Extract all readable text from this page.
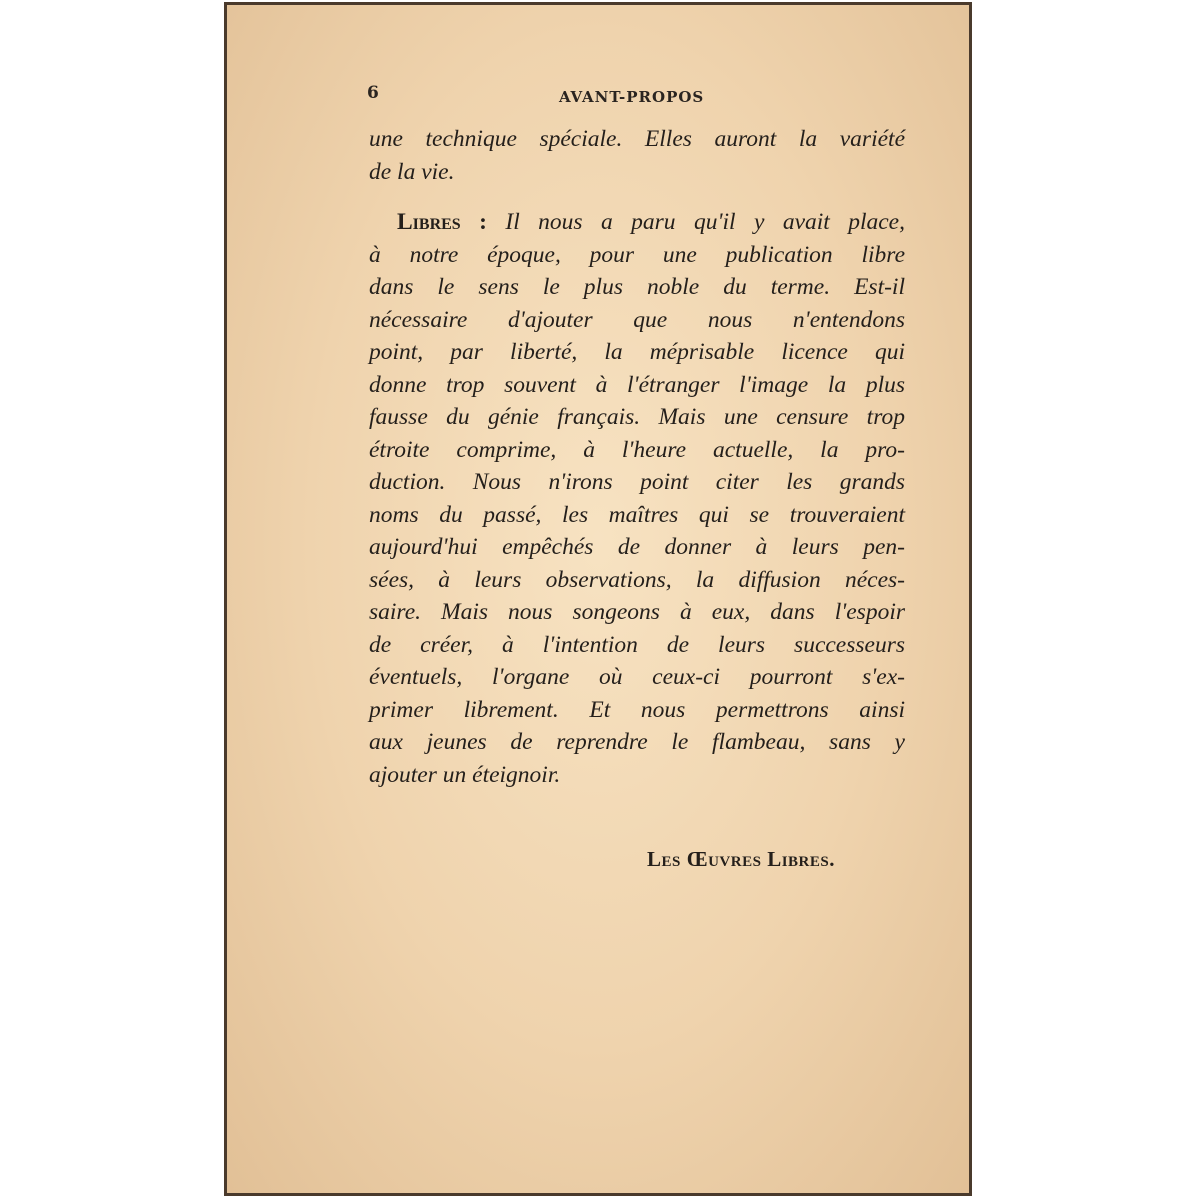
6	AVANT-PROPOS
une technique spéciale. Elles auront la variété
de la vie.
Libres : Il nous a paru qu'il y avait place,
à notre époque, pour une publication libre
dans le sens le plus noble du terme. Est-il
nécessaire d'ajouter que nous n'entendons
point, par liberté, la méprisable licence qui
donne trop souvent à l'étranger l'image la plus
fausse du génie français. Mais une censure trop
étroite comprime, à l'heure actuelle, la pro-
duction. Nous n'irons point citer les grands
noms du passé, les maîtres qui se trouveraient
aujourd'hui empêchés de donner à leurs pen-
sées, à leurs observations, la diffusion néces-
saire. Mais nous songeons à eux, dans l'espoir
de créer, à l'intention de leurs successeurs
éventuels, l'organe où ceux-ci pourront s'ex-
primer librement. Et nous permettrons ainsi
aux jeunes de reprendre le flambeau, sans y
ajouter un éteignoir.
Les Œuvres Libres.
